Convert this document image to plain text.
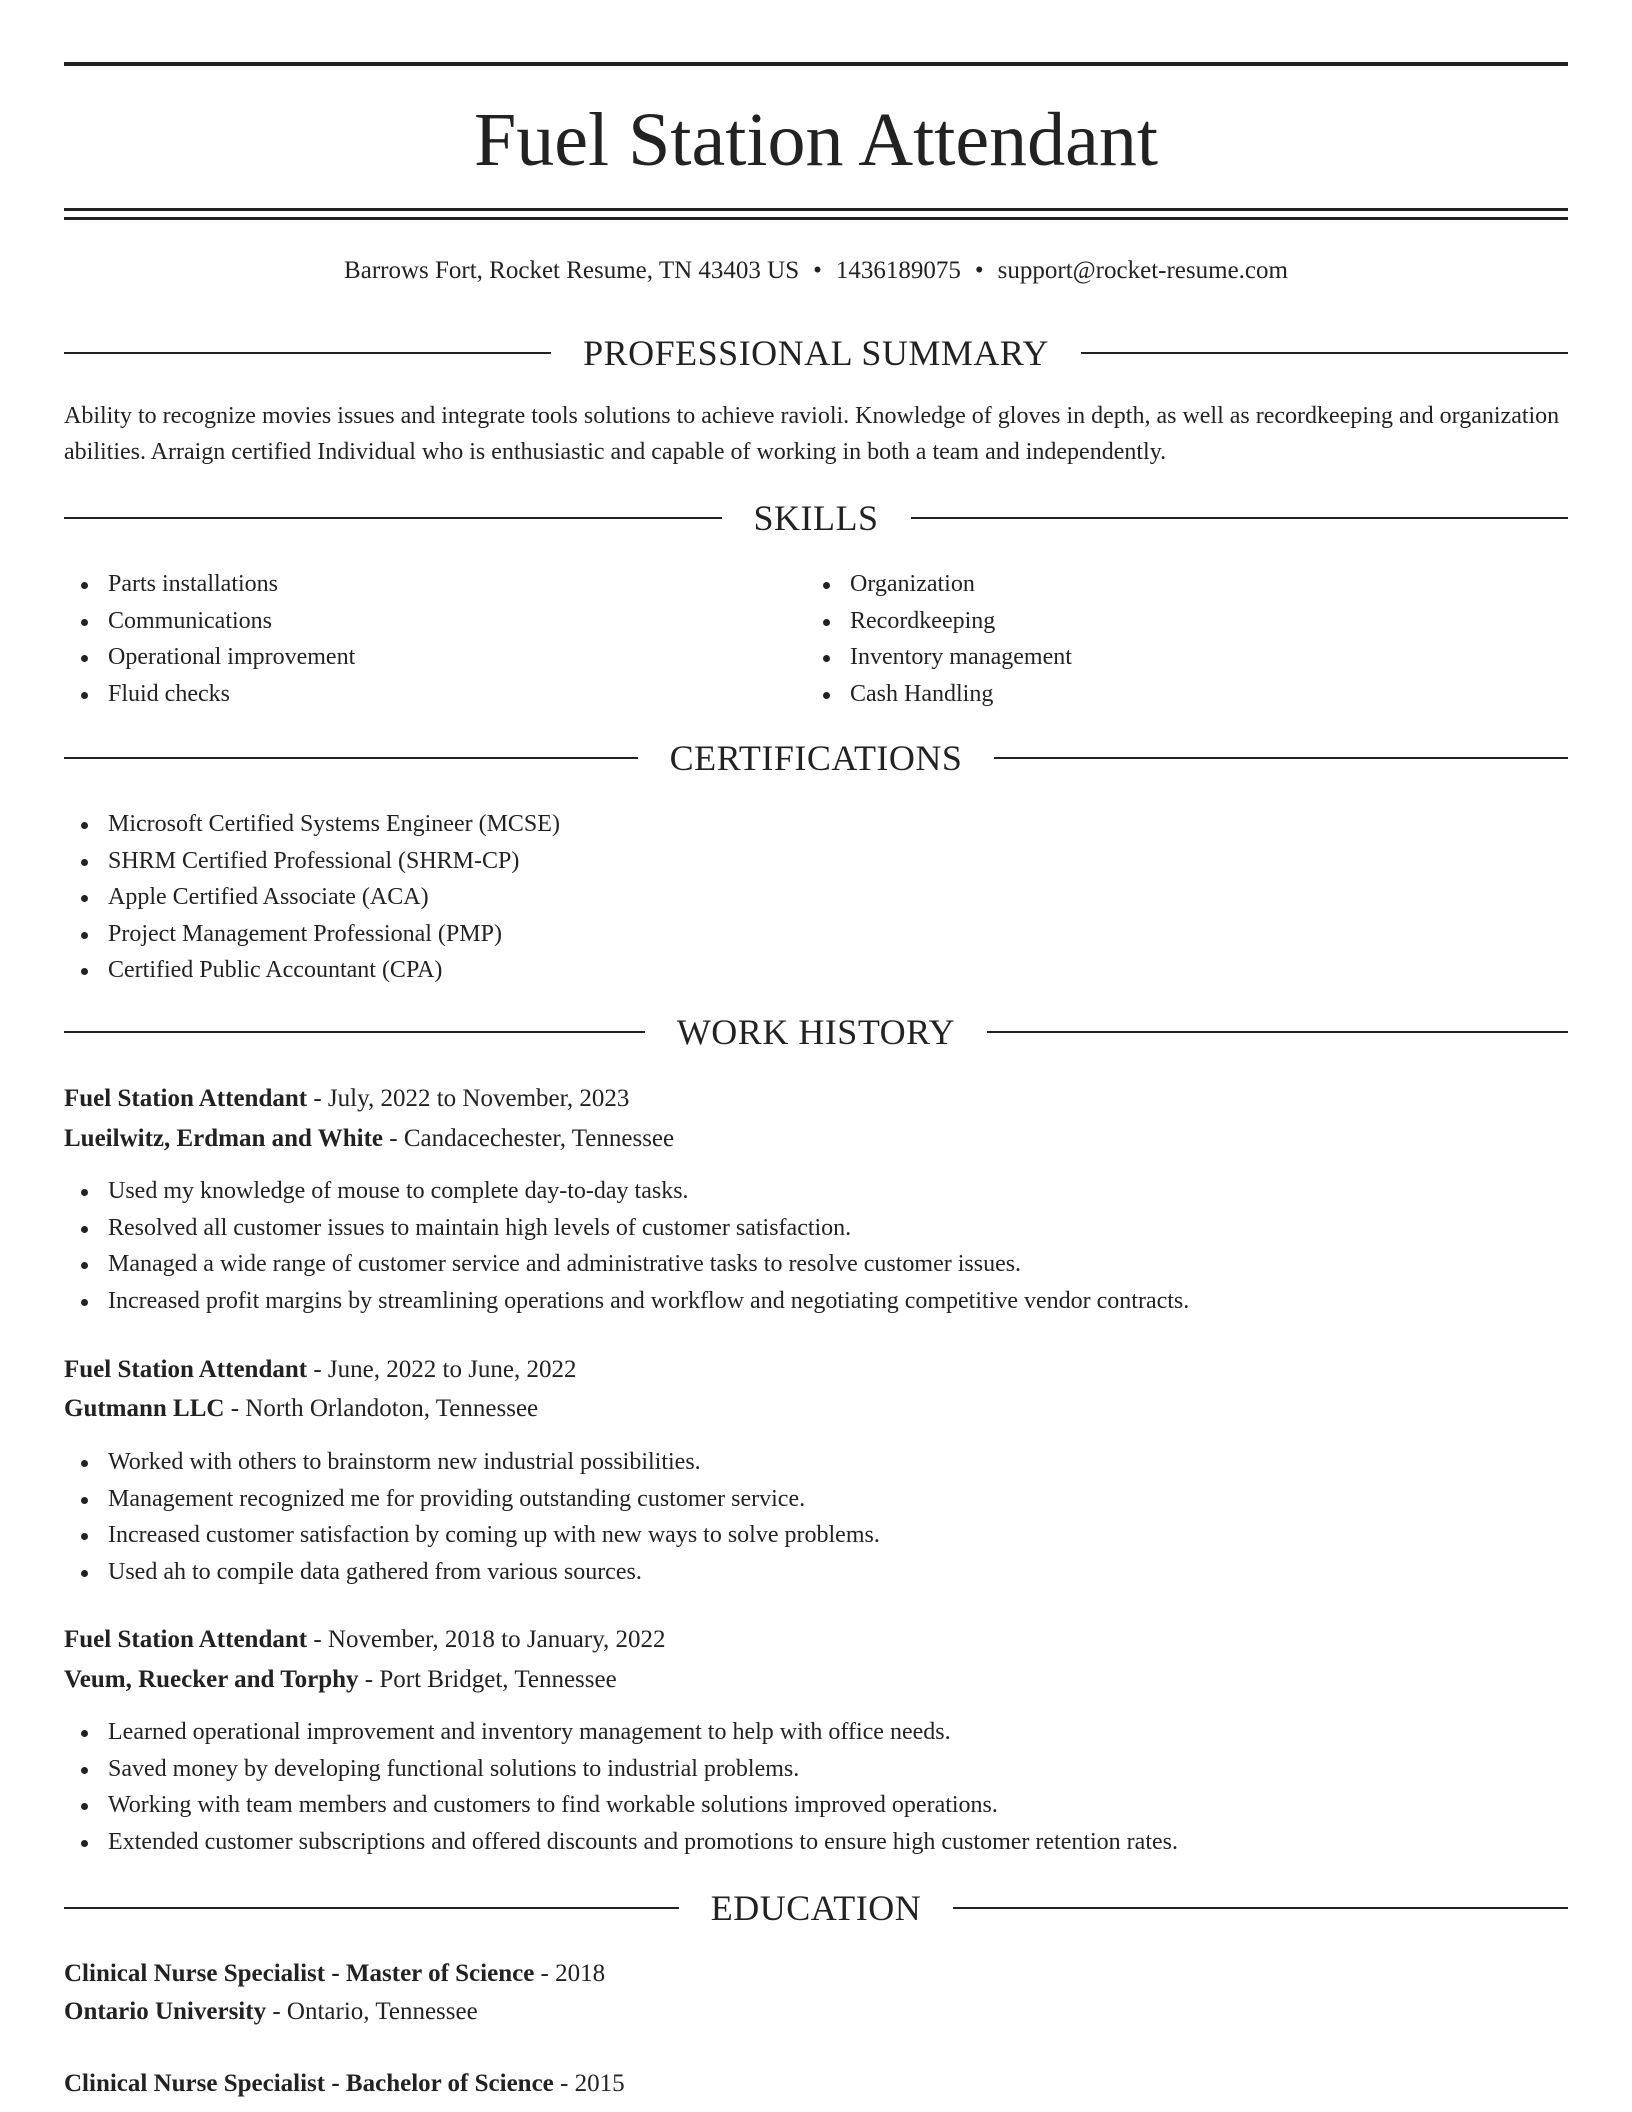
Fuel Station Attendant
Barrows Fort, Rocket Resume, TN 43403 US • 1436189075 • support@rocket-resume.com
PROFESSIONAL SUMMARY

Ability to recognize movies issues and integrate tools solutions to achieve ravioli. Knowledge of gloves in depth, as well as recordkeeping and organization abilities. Arraign certified Individual who is enthusiastic and capable of working in both a team and independently.

SKILLS
Parts installations
Communications
Operational improvement
Fluid checks
Organization
Recordkeeping
Inventory management
Cash Handling
CERTIFICATIONS
Microsoft Certified Systems Engineer (MCSE)
SHRM Certified Professional (SHRM-CP)
Apple Certified Associate (ACA)
Project Management Professional (PMP)
Certified Public Accountant (CPA)
WORK HISTORY
Fuel Station Attendant - July, 2022 to November, 2023
Lueilwitz, Erdman and White - Candacechester, Tennessee
Used my knowledge of mouse to complete day-to-day tasks.
Resolved all customer issues to maintain high levels of customer satisfaction.
Managed a wide range of customer service and administrative tasks to resolve customer issues.
Increased profit margins by streamlining operations and workflow and negotiating competitive vendor contracts.
Fuel Station Attendant - June, 2022 to June, 2022
Gutmann LLC - North Orlandoton, Tennessee
Worked with others to brainstorm new industrial possibilities.
Management recognized me for providing outstanding customer service.
Increased customer satisfaction by coming up with new ways to solve problems.
Used ah to compile data gathered from various sources.
Fuel Station Attendant - November, 2018 to January, 2022
Veum, Ruecker and Torphy - Port Bridget, Tennessee
Learned operational improvement and inventory management to help with office needs.
Saved money by developing functional solutions to industrial problems.
Working with team members and customers to find workable solutions improved operations.
Extended customer subscriptions and offered discounts and promotions to ensure high customer retention rates.
EDUCATION
Clinical Nurse Specialist - Master of Science - 2018
Ontario University - Ontario, Tennessee
Clinical Nurse Specialist - Bachelor of Science - 2015
